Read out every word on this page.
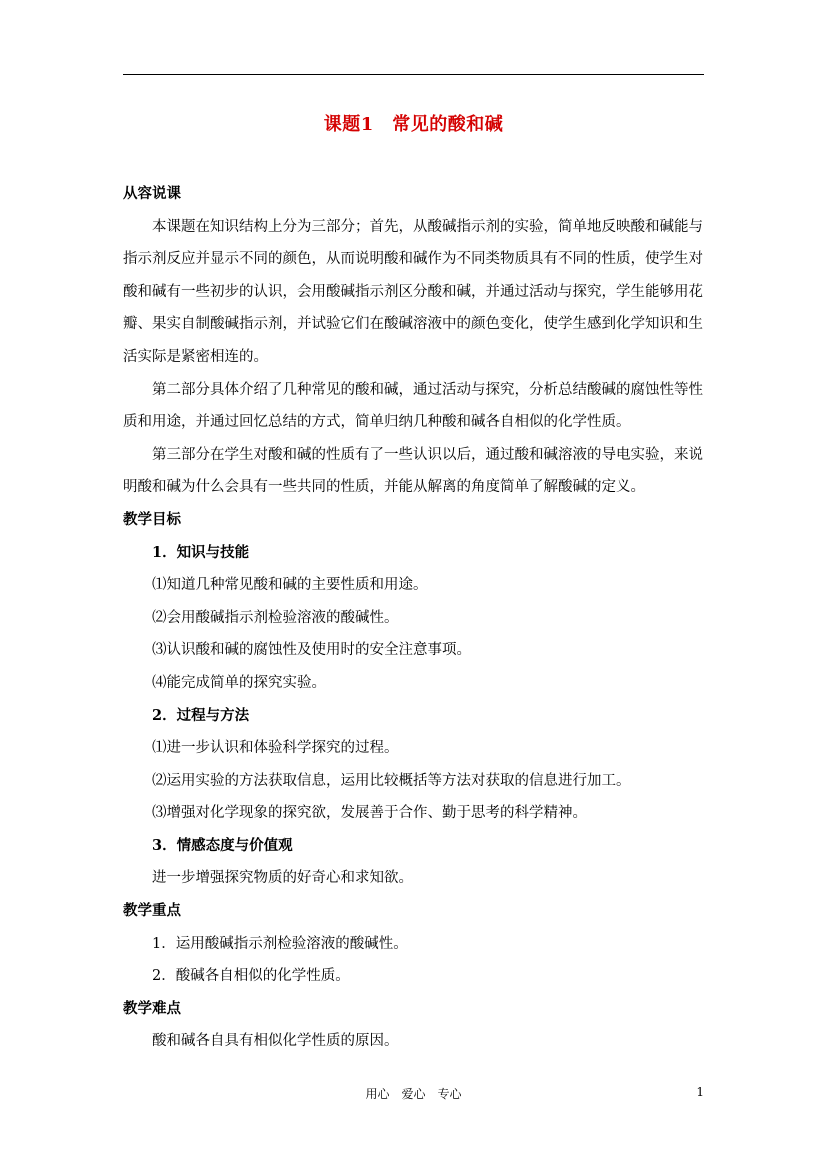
课题1　常见的酸和碱

从容说课

本课题在知识结构上分为三部分；首先，从酸碱指示剂的实验，简单地反映酸和碱能与指示剂反应并显示不同的颜色，从而说明酸和碱作为不同类物质具有不同的性质，使学生对酸和碱有一些初步的认识，会用酸碱指示剂区分酸和碱，并通过活动与探究，学生能够用花瓣、果实自制酸碱指示剂，并试验它们在酸碱溶液中的颜色变化，使学生感到化学知识和生活实际是紧密相连的。

第二部分具体介绍了几种常见的酸和碱，通过活动与探究，分析总结酸碱的腐蚀性等性质和用途，并通过回忆总结的方式，简单归纳几种酸和碱各自相似的化学性质。

第三部分在学生对酸和碱的性质有了一些认识以后，通过酸和碱溶液的导电实验，来说明酸和碱为什么会具有一些共同的性质，并能从解离的角度简单了解酸碱的定义。

教学目标

1．知识与技能

⑴知道几种常见酸和碱的主要性质和用途。

⑵会用酸碱指示剂检验溶液的酸碱性。

⑶认识酸和碱的腐蚀性及使用时的安全注意事项。

⑷能完成简单的探究实验。

2．过程与方法

⑴进一步认识和体验科学探究的过程。

⑵运用实验的方法获取信息，运用比较概括等方法对获取的信息进行加工。

⑶增强对化学现象的探究欲，发展善于合作、勤于思考的科学精神。

3．情感态度与价值观

进一步增强探究物质的好奇心和求知欲。

教学重点

1．运用酸碱指示剂检验溶液的酸碱性。

2．酸碱各自相似的化学性质。

教学难点

酸和碱各自具有相似化学性质的原因。

用心　爱心　专心	1
